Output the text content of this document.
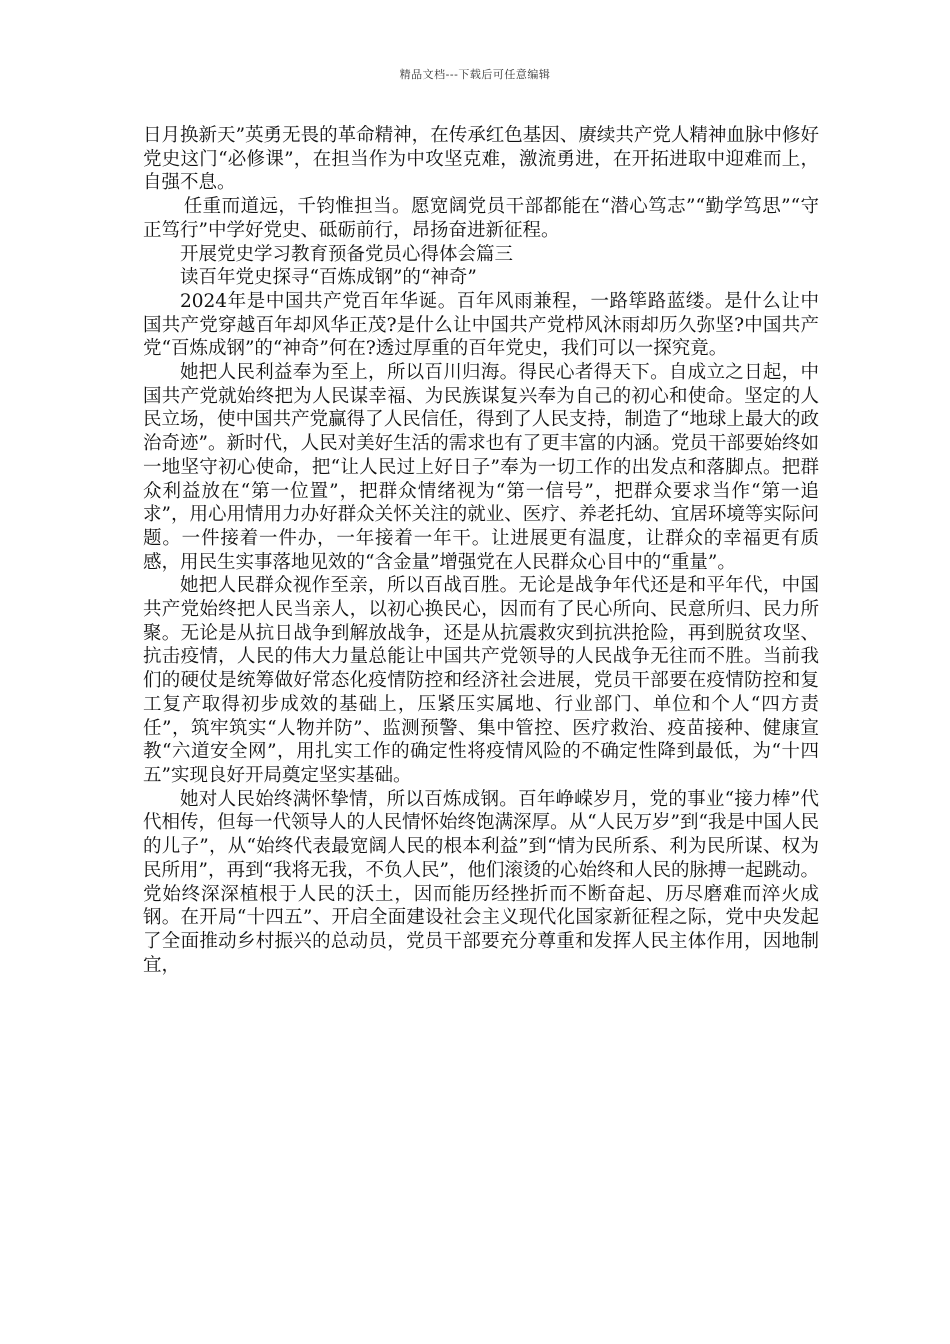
精品文档---下载后可任意编辑

日月换新天”英勇无畏的革命精神，在传承红色基因、赓续共产党人精神血脉中修好党史这门“必修课”，在担当作为中攻坚克难，激流勇进，在开拓进取中迎难而上，自强不息。

任重而道远，千钧惟担当。愿宽阔党员干部都能在“潜心笃志”“勤学笃思”“守正笃行”中学好党史、砥砺前行，昂扬奋进新征程。

开展党史学习教育预备党员心得体会篇三

读百年党史探寻“百炼成钢”的“神奇”

2024年是中国共产党百年华诞。百年风雨兼程，一路筚路蓝缕。是什么让中国共产党穿越百年却风华正茂?是什么让中国共产党栉风沐雨却历久弥坚?中国共产党“百炼成钢”的“神奇”何在?透过厚重的百年党史，我们可以一探究竟。

她把人民利益奉为至上，所以百川归海。得民心者得天下。自成立之日起，中国共产党就始终把为人民谋幸福、为民族谋复兴奉为自己的初心和使命。坚定的人民立场，使中国共产党赢得了人民信任，得到了人民支持，制造了“地球上最大的政治奇迹”。新时代，人民对美好生活的需求也有了更丰富的内涵。党员干部要始终如一地坚守初心使命，把“让人民过上好日子”奉为一切工作的出发点和落脚点。把群众利益放在“第一位置”，把群众情绪视为“第一信号”，把群众要求当作“第一追求”，用心用情用力办好群众关怀关注的就业、医疗、养老托幼、宜居环境等实际问题。一件接着一件办，一年接着一年干。让进展更有温度，让群众的幸福更有质感，用民生实事落地见效的“含金量”增强党在人民群众心目中的“重量”。

她把人民群众视作至亲，所以百战百胜。无论是战争年代还是和平年代，中国共产党始终把人民当亲人，以初心换民心，因而有了民心所向、民意所归、民力所聚。无论是从抗日战争到解放战争，还是从抗震救灾到抗洪抢险，再到脱贫攻坚、抗击疫情，人民的伟大力量总能让中国共产党领导的人民战争无往而不胜。当前我们的硬仗是统筹做好常态化疫情防控和经济社会进展，党员干部要在疫情防控和复工复产取得初步成效的基础上，压紧压实属地、行业部门、单位和个人“四方责任”，筑牢筑实“人物并防”、监测预警、集中管控、医疗救治、疫苗接种、健康宣教“六道安全网”，用扎实工作的确定性将疫情风险的不确定性降到最低，为“十四五”实现良好开局奠定坚实基础。

她对人民始终满怀挚情，所以百炼成钢。百年峥嵘岁月，党的事业“接力棒”代代相传，但每一代领导人的人民情怀始终饱满深厚。从“人民万岁”到“我是中国人民的儿子”，从“始终代表最宽阔人民的根本利益”到“情为民所系、利为民所谋、权为民所用”，再到“我将无我，不负人民”，他们滚烫的心始终和人民的脉搏一起跳动。党始终深深植根于人民的沃土，因而能历经挫折而不断奋起、历尽磨难而淬火成钢。在开局“十四五”、开启全面建设社会主义现代化国家新征程之际，党中央发起了全面推动乡村振兴的总动员，党员干部要充分尊重和发挥人民主体作用，因地制宜，
